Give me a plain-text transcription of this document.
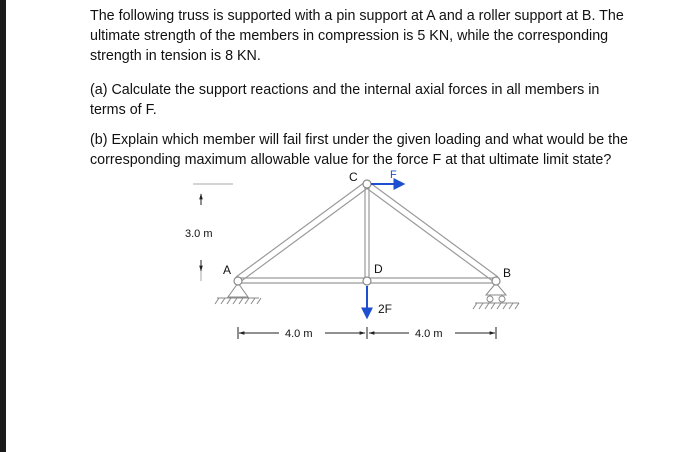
The following truss is supported with a pin support at A and a roller support at B. The ultimate strength of the members in compression is 5 KN, while the corresponding strength in tension is 8 KN.

(a) Calculate the support reactions and the internal axial forces in all members in terms of F.

(b) Explain which member will fail first under the given loading and what would be the corresponding maximum allowable value for the force F at that ultimate limit state?

C
A	D	B
F
2F
3.0 m
4.0 m	4.0 m
